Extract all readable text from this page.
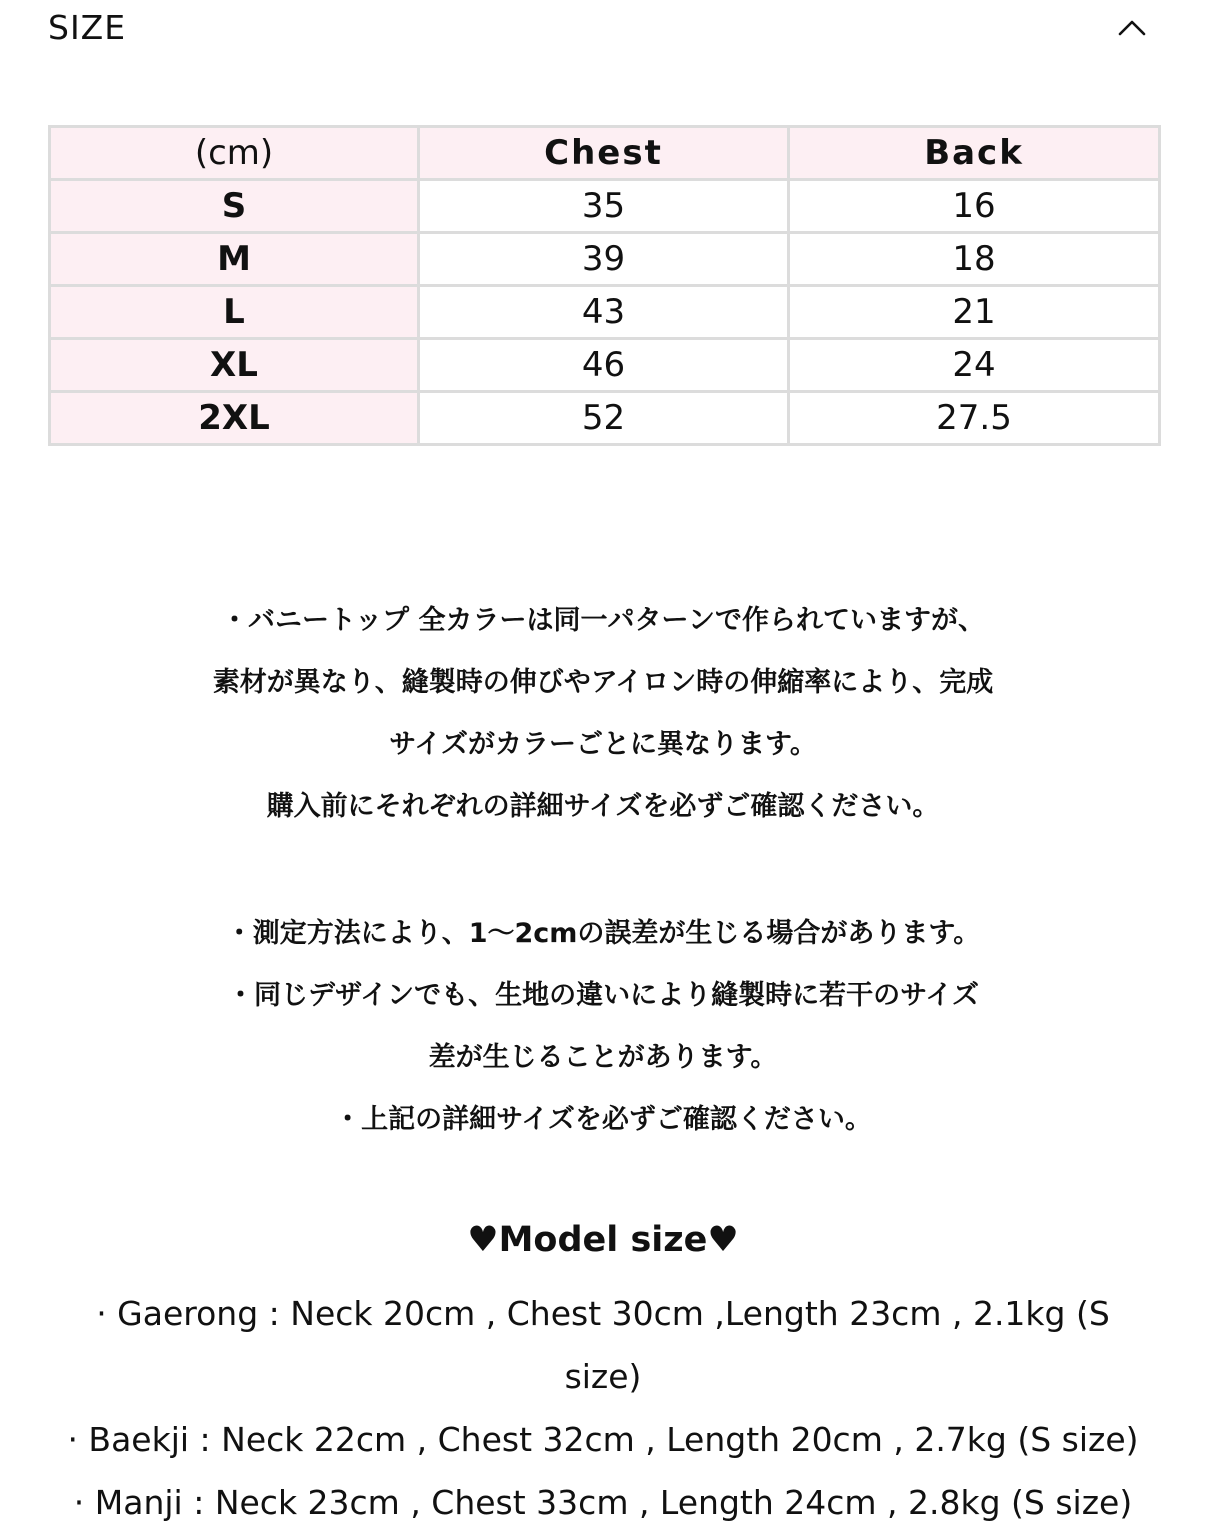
SIZE
(cm)	Chest	Back
S	35	16
M	39	18
L	43	21
XL	46	24
2XL	52	27.5
・バニートップ 全カラーは同一パターンで作られていますが、
素材が異なり、縫製時の伸びやアイロン時の伸縮率により、完成
サイズがカラーごとに異なります。
購入前にそれぞれの詳細サイズを必ずご確認ください。
・測定方法により、1～2cmの誤差が生じる場合があります。
・同じデザインでも、生地の違いにより縫製時に若干のサイズ
差が生じることがあります。
・上記の詳細サイズを必ずご確認ください。
♥Model size♥
· Gaerong : Neck 20cm , Chest 30cm ,Length 23cm , 2.1kg (S size)
· Baekji : Neck 22cm , Chest 32cm , Length 20cm , 2.7kg (S size)
· Manji : Neck 23cm , Chest 33cm , Length 24cm , 2.8kg (S size)
